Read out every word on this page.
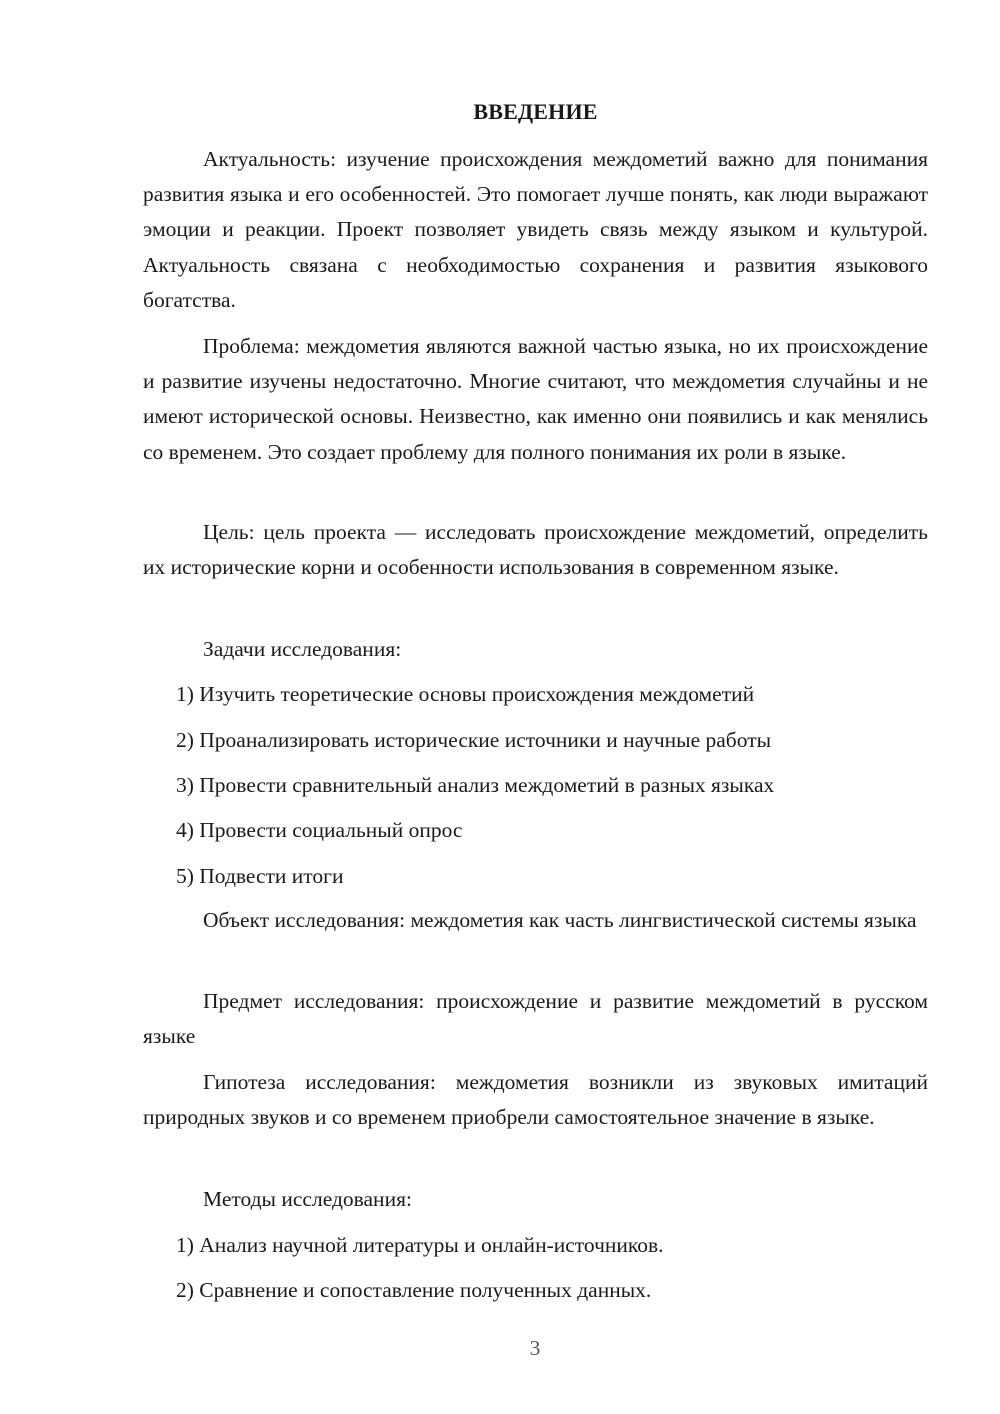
ВВЕДЕНИЕ

Актуальность: изучение происхождения междометий важно для понимания развития языка и его особенностей. Это помогает лучше понять, как люди выражают эмоции и реакции. Проект позволяет увидеть связь между языком и культурой. Актуальность связана с необходимостью сохранения и развития языкового богатства.

Проблема: междометия являются важной частью языка, но их происхождение и развитие изучены недостаточно. Многие считают, что междометия случайны и не имеют исторической основы. Неизвестно, как именно они появились и как менялись со временем. Это создает проблему для полного понимания их роли в языке.

Цель: цель проекта — исследовать происхождение междометий, определить их исторические корни и особенности использования в современном языке.

Задачи исследования:
1) Изучить теоретические основы происхождения междометий
2) Проанализировать исторические источники и научные работы
3) Провести сравнительный анализ междометий в разных языках
4) Провести социальный опрос
5) Подвести итоги

Объект исследования: междометия как часть лингвистической системы языка

Предмет исследования: происхождение и развитие междометий в русском языке

Гипотеза исследования: междометия возникли из звуковых имитаций природных звуков и со временем приобрели самостоятельное значение в языке.

Методы исследования:
1) Анализ научной литературы и онлайн-источников.
2) Сравнение и сопоставление полученных данных.
3
